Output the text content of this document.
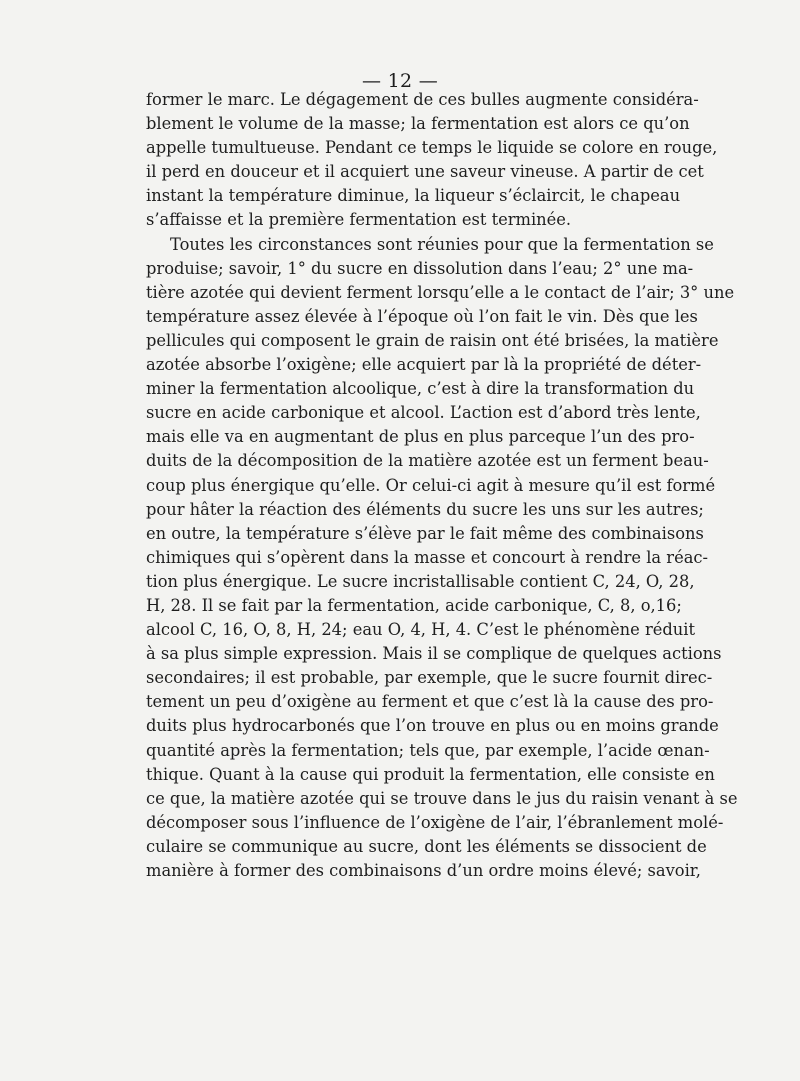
— 12 —
former le marc. Le dégagement de ces bulles augmente considéra-
blement le volume de la masse; la fermentation est alors ce qu’on
appelle tumultueuse. Pendant ce temps le liquide se colore en rouge,
il perd en douceur et il acquiert une saveur vineuse. A partir de cet
instant la température diminue, la liqueur s’éclaircit, le chapeau
s’affaisse et la première fermentation est terminée.
Toutes les circonstances sont réunies pour que la fermentation se
produise; savoir, 1° du sucre en dissolution dans l’eau; 2° une ma-
tière azotée qui devient ferment lorsqu’elle a le contact de l’air; 3° une
température assez élevée à l’époque où l’on fait le vin. Dès que les
pellicules qui composent le grain de raisin ont été brisées, la matière
azotée absorbe l’oxigène; elle acquiert par là la propriété de déter-
miner la fermentation alcoolique, c’est à dire la transformation du
sucre en acide carbonique et alcool. L’action est d’abord très lente,
mais elle va en augmentant de plus en plus parceque l’un des pro-
duits de la décomposition de la matière azotée est un ferment beau-
coup plus énergique qu’elle. Or celui-ci agit à mesure qu’il est formé
pour hâter la réaction des éléments du sucre les uns sur les autres;
en outre, la température s’élève par le fait même des combinaisons
chimiques qui s’opèrent dans la masse et concourt à rendre la réac-
tion plus énergique. Le sucre incristallisable contient C, 24, O, 28,
H, 28. Il se fait par la fermentation, acide carbonique, C, 8, o,16;
alcool C, 16, O, 8, H, 24; eau O, 4, H, 4. C’est le phénomène réduit
à sa plus simple expression. Mais il se complique de quelques actions
secondaires; il est probable, par exemple, que le sucre fournit direc-
tement un peu d’oxigène au ferment et que c’est là la cause des pro-
duits plus hydrocarbonés que l’on trouve en plus ou en moins grande
quantité après la fermentation; tels que, par exemple, l’acide œnan-
thique. Quant à la cause qui produit la fermentation, elle consiste en
ce que, la matière azotée qui se trouve dans le jus du raisin venant à se
décomposer sous l’influence de l’oxigène de l’air, l’ébranlement molé-
culaire se communique au sucre, dont les éléments se dissocient de
manière à former des combinaisons d’un ordre moins élevé; savoir,
